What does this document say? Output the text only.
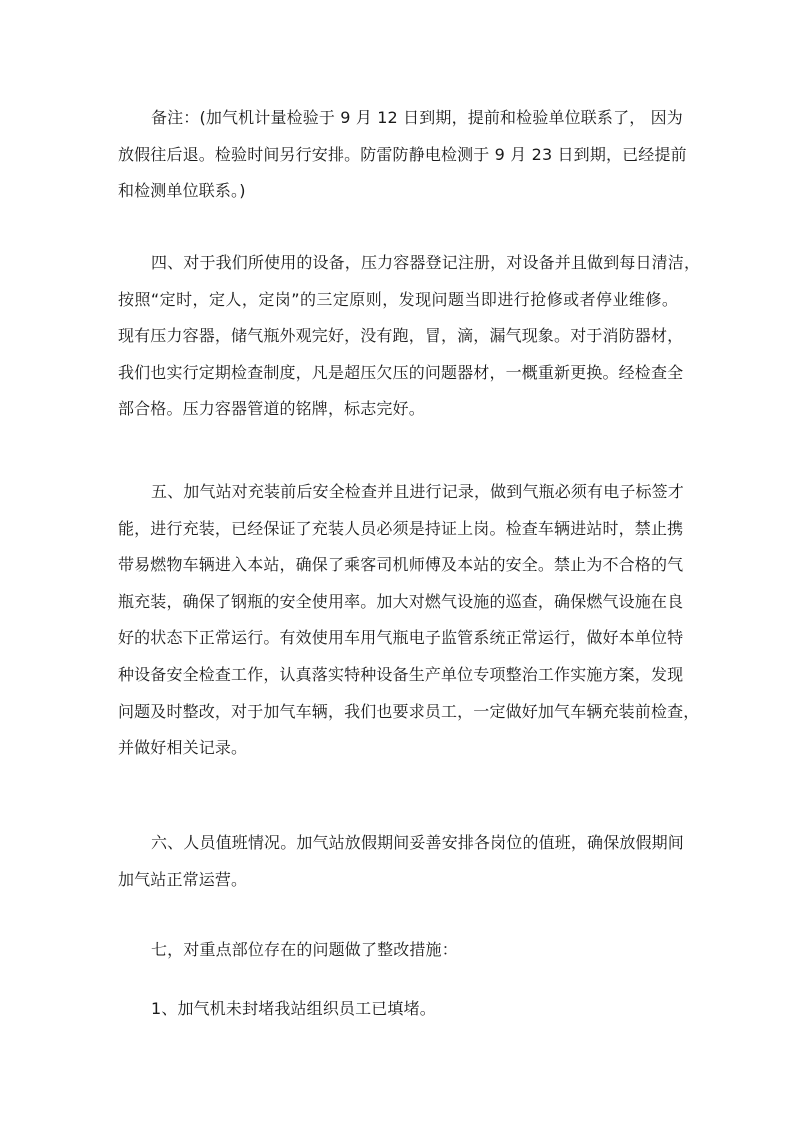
备注：(加气机计量检验于 9 月 12 日到期，提前和检验单位联系了， 因为
放假往后退。检验时间另行安排。防雷防静电检测于 9 月 23 日到期，已经提前
和检测单位联系。)

四、对于我们所使用的设备，压力容器登记注册，对设备并且做到每日清洁，
按照“定时，定人，定岗”的三定原则，发现问题当即进行抢修或者停业维修。
现有压力容器，储气瓶外观完好，没有跑，冒，滴，漏气现象。对于消防器材，
我们也实行定期检查制度，凡是超压欠压的问题器材，一概重新更换。经检查全
部合格。压力容器管道的铭牌，标志完好。

五、加气站对充装前后安全检查并且进行记录，做到气瓶必须有电子标签才
能，进行充装，已经保证了充装人员必须是持证上岗。检查车辆进站时，禁止携
带易燃物车辆进入本站，确保了乘客司机师傅及本站的安全。禁止为不合格的气
瓶充装，确保了钢瓶的安全使用率。加大对燃气设施的巡查，确保燃气设施在良
好的状态下正常运行。有效使用车用气瓶电子监管系统正常运行，做好本单位特
种设备安全检查工作，认真落实特种设备生产单位专项整治工作实施方案，发现
问题及时整改，对于加气车辆，我们也要求员工，一定做好加气车辆充装前检查，
并做好相关记录。

六、人员值班情况。加气站放假期间妥善安排各岗位的值班，确保放假期间
加气站正常运营。

七，对重点部位存在的问题做了整改措施：

1、加气机未封堵我站组织员工已填堵。
